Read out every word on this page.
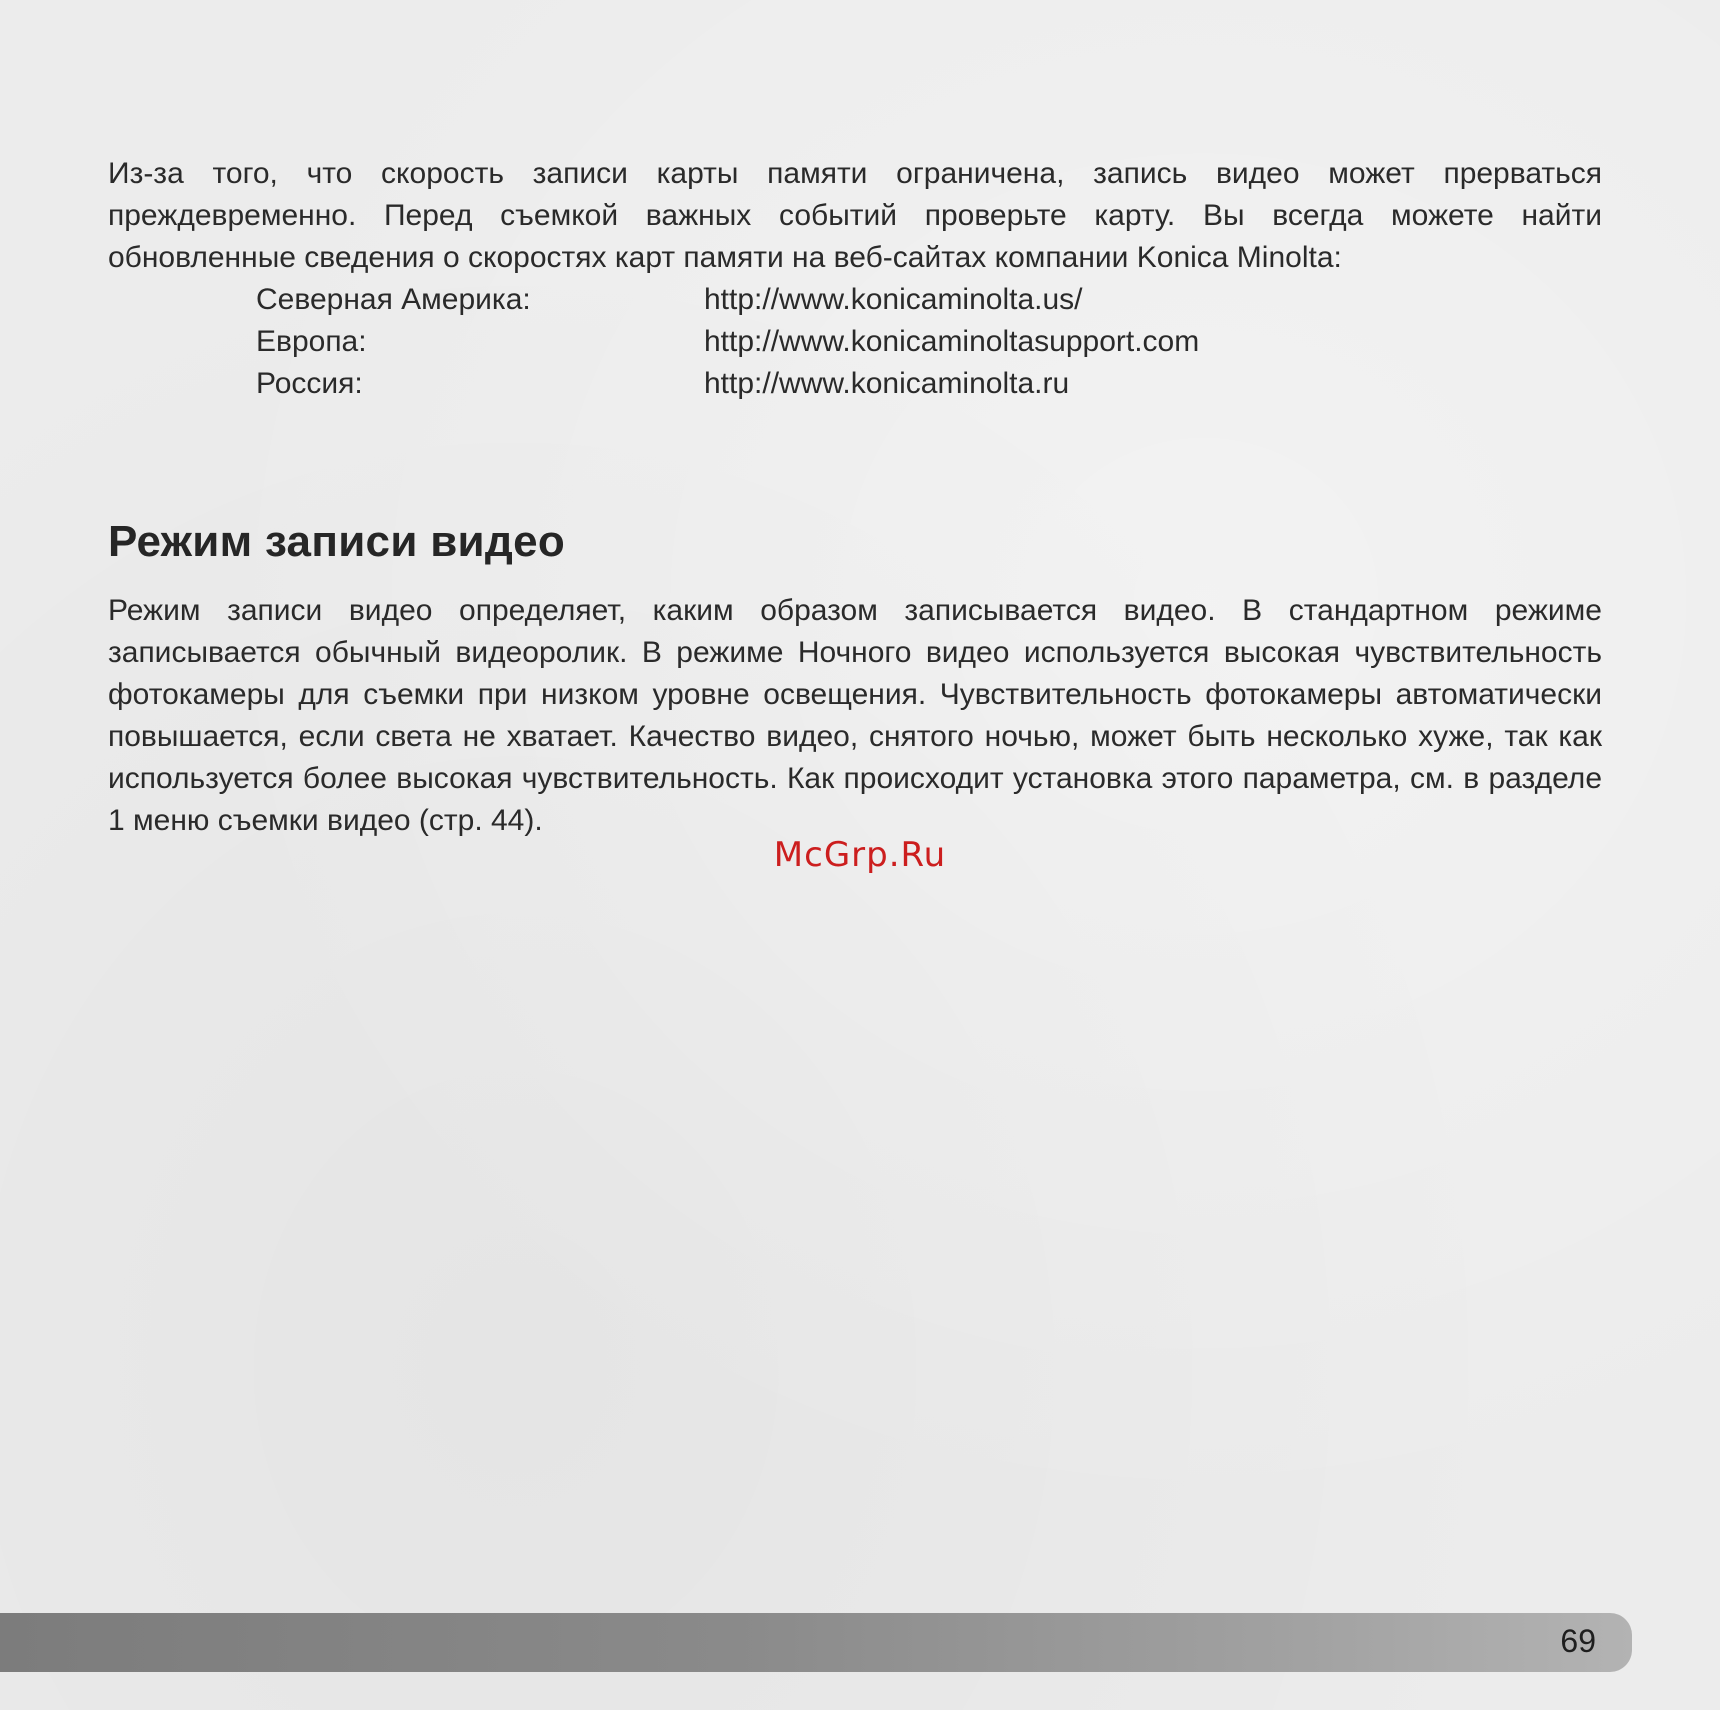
Из-за того, что скорость записи карты памяти ограничена, запись видео может прерваться преждевременно. Перед съемкой важных событий проверьте карту. Вы всегда можете найти обновленные сведения о скоростях карт памяти на веб-сайтах компании Konica Minolta:

Северная Америка:	http://www.konicaminolta.us/
Европа:	http://www.konicaminoltasupport.com
Россия:	http://www.konicaminolta.ru
Режим записи видео

Режим записи видео определяет, каким образом записывается видео. В стандартном режиме записывается обычный видеоролик. В режиме Ночного видео используется высокая чувствительность фотокамеры для съемки при низком уровне освещения. Чувствительность фотокамеры автоматически повышается, если света не хватает. Качество видео, снятого ночью, может быть несколько хуже, так как используется более высокая чувствительность. Как происходит установка этого параметра, см. в разделе 1 меню съемки видео (стр. 44).

McGrp.Ru
69
